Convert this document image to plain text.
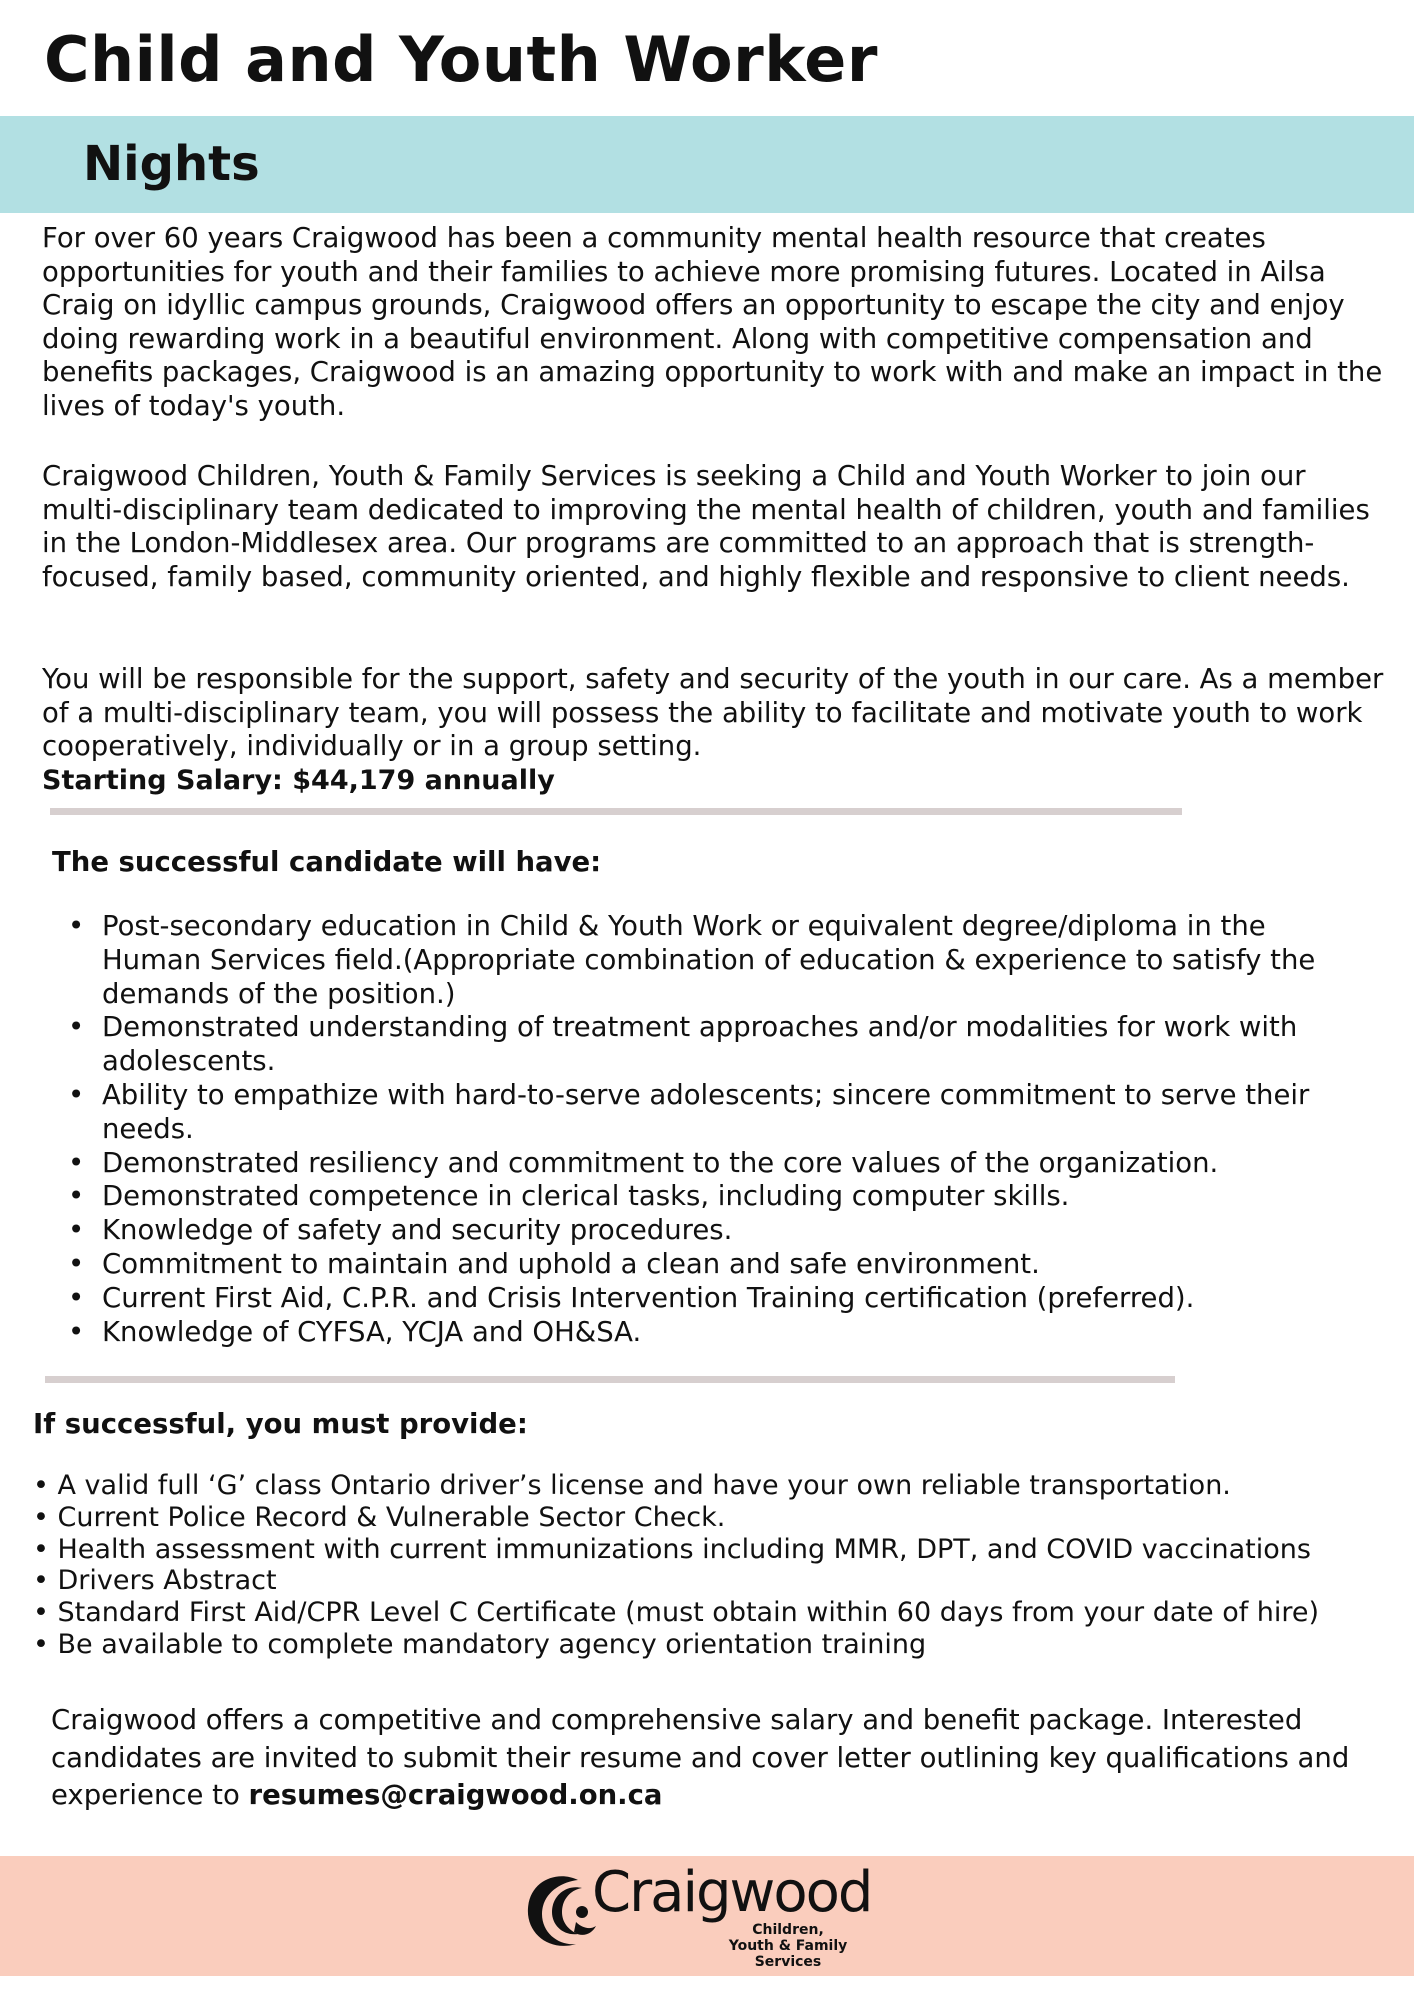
Child and Youth Worker
Nights

For over 60 years Craigwood has been a community mental health resource that creates opportunities for youth and their families to achieve more promising futures. Located in Ailsa Craig on idyllic campus grounds, Craigwood offers an opportunity to escape the city and enjoy doing rewarding work in a beautiful environment. Along with competitive compensation and benefits packages, Craigwood is an amazing opportunity to work with and make an impact in the lives of today's youth.

Craigwood Children, Youth & Family Services is seeking a Child and Youth Worker to join our multi-disciplinary team dedicated to improving the mental health of children, youth and families in the London-Middlesex area. Our programs are committed to an approach that is strength-focused, family based, community oriented, and highly flexible and responsive to client needs.

You will be responsible for the support, safety and security of the youth in our care. As a member of a multi-disciplinary team, you will possess the ability to facilitate and motivate youth to work cooperatively, individually or in a group setting.

Starting Salary: $44,179 annually

The successful candidate will have:
• Post-secondary education in Child & Youth Work or equivalent degree/diploma in the Human Services field.(Appropriate combination of education & experience to satisfy the demands of the position.)
• Demonstrated understanding of treatment approaches and/or modalities for work with adolescents.
• Ability to empathize with hard-to-serve adolescents; sincere commitment to serve their needs.
• Demonstrated resiliency and commitment to the core values of the organization.
• Demonstrated competence in clerical tasks, including computer skills.
• Knowledge of safety and security procedures.
• Commitment to maintain and uphold a clean and safe environment.
• Current First Aid, C.P.R. and Crisis Intervention Training certification (preferred).
• Knowledge of CYFSA, YCJA and OH&SA.
If successful, you must provide:
• A valid full ‘G’ class Ontario driver’s license and have your own reliable transportation.
• Current Police Record & Vulnerable Sector Check.
• Health assessment with current immunizations including MMR, DPT, and COVID vaccinations
• Drivers Abstract
• Standard First Aid/CPR Level C Certificate (must obtain within 60 days from your date of hire)
• Be available to complete mandatory agency orientation training

Craigwood offers a competitive and comprehensive salary and benefit package. Interested candidates are invited to submit their resume and cover letter outlining key qualifications and experience to resumes@craigwood.on.ca

Craigwood
Children, Youth & Family Services
